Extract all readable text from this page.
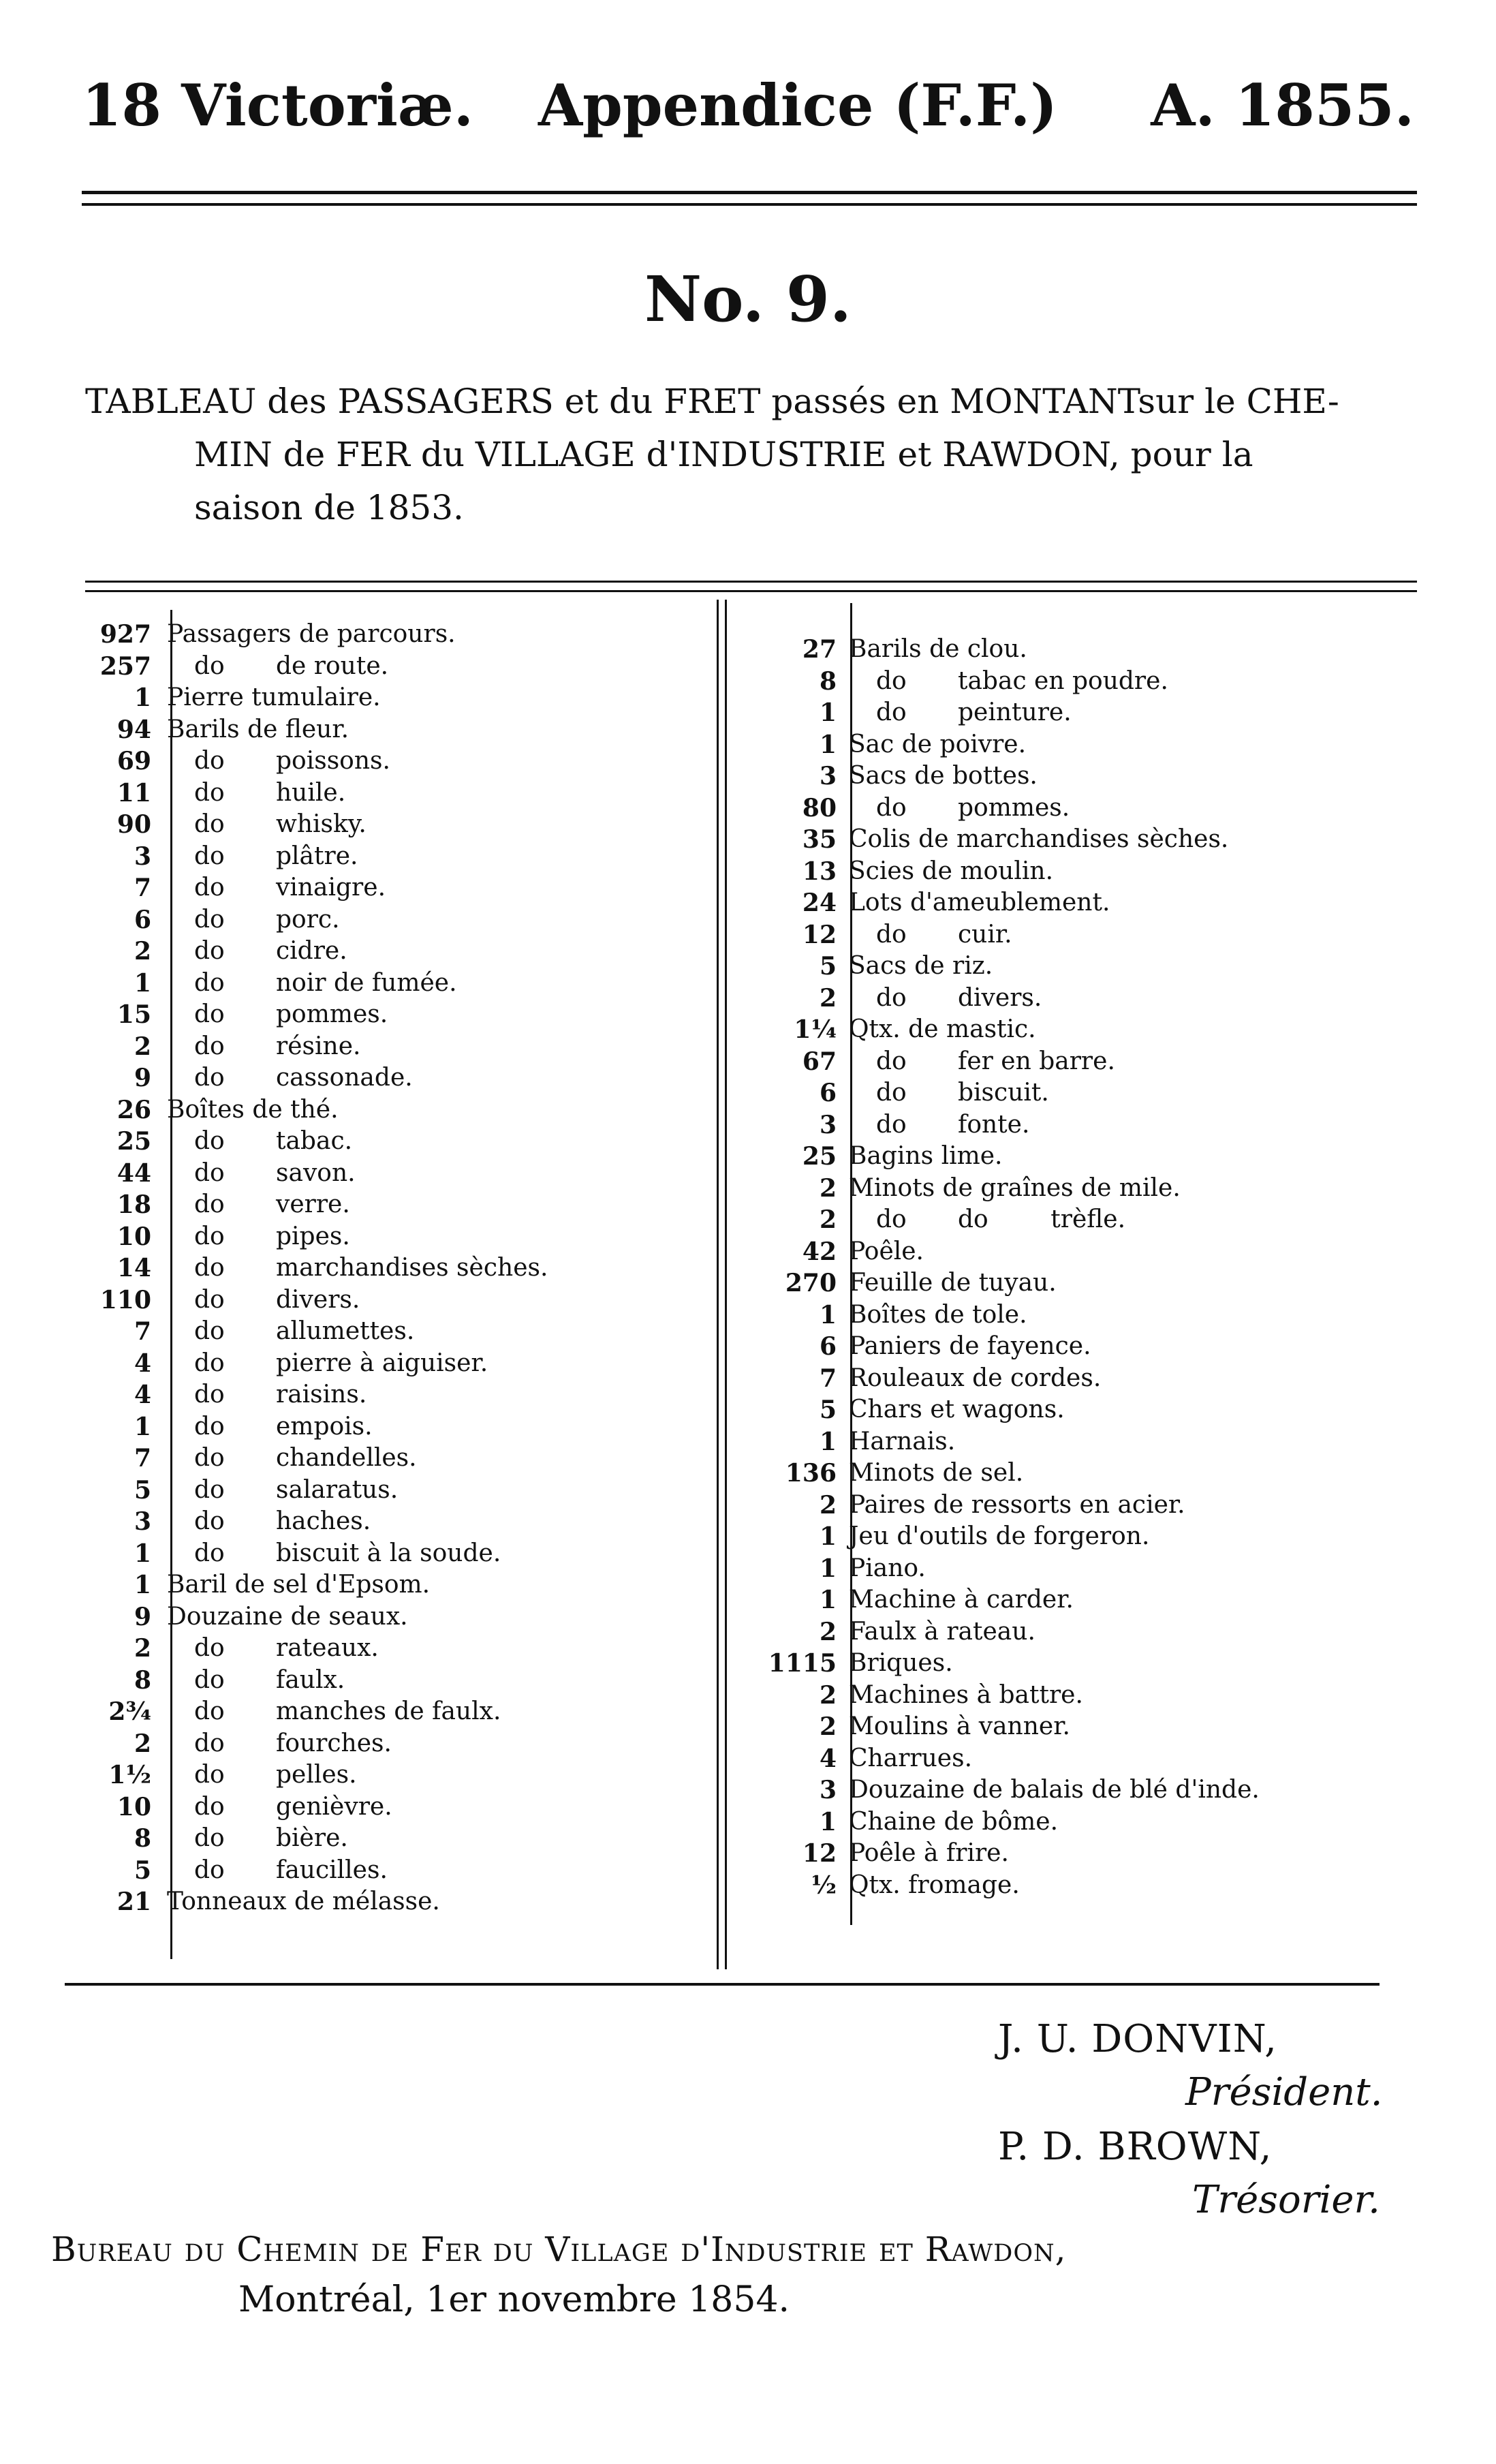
18 Victoriæ. Appendice (F.F.) A. 1855.
No. 9.
TABLEAU des PASSAGERS et du FRET passés en MONTANTsur le CHE-
MIN de FER du VILLAGE d'INDUSTRIE et RAWDON, pour la
saison de 1853.
927 Passagers de parcours.
257	do de route.
1 Pierre tumulaire.
94 Barils de fleur.
69	do poissons.
11	do huile.
90	do whisky.
3	do plâtre.
7	do vinaigre.
6	do porc.
2	do cidre.
1	do noir de fumée.
15	do pommes.
2	do résine.
9	do cassonade.
26 Boîtes de thé.
25	do tabac.
44	do savon.
18	do verre.
10	do pipes.
14	do marchandises sèches.
110	do divers.
7	do allumettes.
4	do pierre à aiguiser.
4	do raisins.
1	do empois.
7	do chandelles.
5	do salaratus.
3	do haches.
1	do biscuit à la soude.
1 Baril de sel d'Epsom.
9 Douzaine de seaux.
2	do rateaux.
8	do faulx.
2¾	do manches de faulx.
2	do fourches.
1½	do pelles.
10	do genièvre.
8	do bière.
5	do faucilles.
21 Tonneaux de mélasse.
27 Barils de clou.
8	do tabac en poudre.
1	do peinture.
1 Sac de poivre.
3 Sacs de bottes.
80	do pommes.
35 Colis de marchandises sèches.
13 Scies de moulin.
24 Lots d'ameublement.
12	do cuir.
5 Sacs de riz.
2	do divers.
1¼ Qtx. de mastic.
67	do fer en barre.
6	do biscuit.
3	do fonte.
25 Bagins lime.
2 Minots de graînes de mile.
2	do do        trèfle.
42 Poêle.
270 Feuille de tuyau.
1 Boîtes de tole.
6 Paniers de fayence.
7 Rouleaux de cordes.
5 Chars et wagons.
1 Harnais.
136 Minots de sel.
2 Paires de ressorts en acier.
1 Jeu d'outils de forgeron.
1 Piano.
1 Machine à carder.
2 Faulx à rateau.
1115 Briques.
2 Machines à battre.
2 Moulins à vanner.
4 Charrues.
3 Douzaine de balais de blé d'inde.
1 Chaine de bôme.
12 Poêle à frire.
½ Qtx. fromage.
J. U. DONVIN,
Président.
P. D. BROWN,
Trésorier.
Bureau du Chemin de Fer du Village d'Industrie et Rawdon,
Montréal, 1er novembre 1854.
